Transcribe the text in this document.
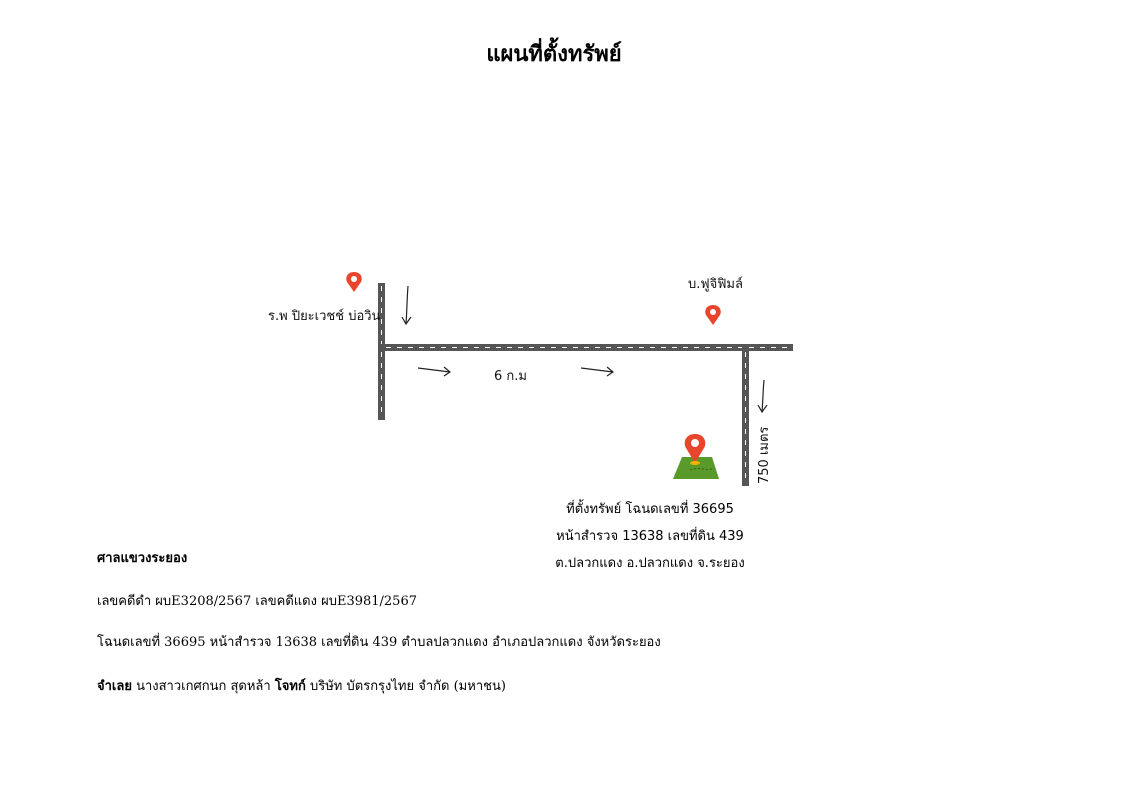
แผนที่ตั้งทรัพย์
ร.พ ปิยะเวชช์ บ่อวิน
บ.ฟูจิฟิมล์
6 ก.ม
750 เมตร
ที่ตั้งทรัพย์ โฉนดเลขที่ 36695
หน้าสำรวจ 13638 เลขที่ดิน 439
ต.ปลวกแดง อ.ปลวกแดง จ.ระยอง
ศาลแขวงระยอง
เลขคดีดำ ผบE3208/2567 เลขคดีแดง ผบE3981/2567
โฉนดเลขที่ 36695 หน้าสำรวจ 13638 เลขที่ดิน 439 ตำบลปลวกแดง อำเภอปลวกแดง จังหวัดระยอง
จำเลย นางสาวเกศกนก สุดหล้า โจทก์ บริษัท บัตรกรุงไทย จำกัด (มหาชน)
